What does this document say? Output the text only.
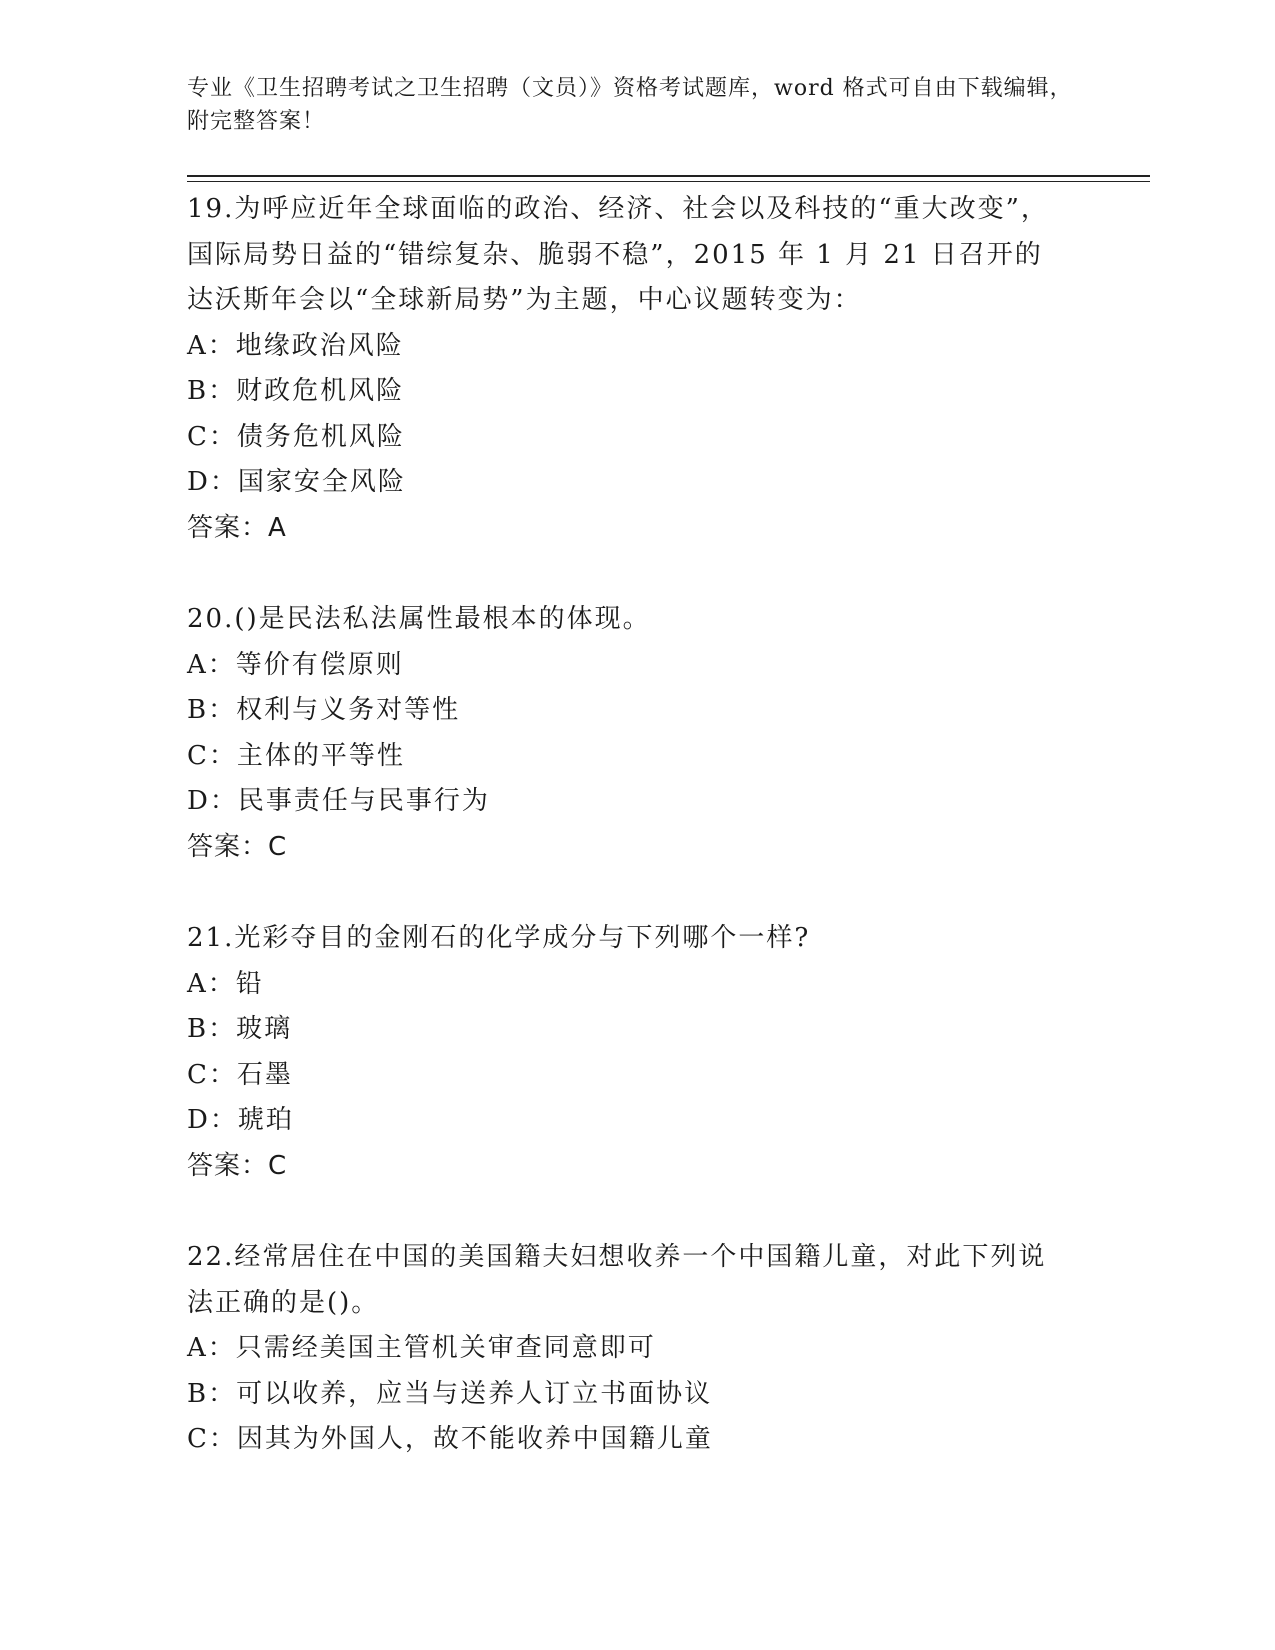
专业《卫生招聘考试之卫生招聘（文员）》资格考试题库，word 格式可自由下载编辑，附完整答案！
19.为呼应近年全球面临的政治、经济、社会以及科技的“重大改变”，国际局势日益的“错综复杂、脆弱不稳”，2015 年 1 月 21 日召开的达沃斯年会以“全球新局势”为主题，中心议题转变为：
A：地缘政治风险
B：财政危机风险
C：债务危机风险
D：国家安全风险
答案：A
20.()是民法私法属性最根本的体现。
A：等价有偿原则
B：权利与义务对等性
C：主体的平等性
D：民事责任与民事行为
答案：C
21.光彩夺目的金刚石的化学成分与下列哪个一样?
A：铅
B：玻璃
C：石墨
D：琥珀
答案：C
22.经常居住在中国的美国籍夫妇想收养一个中国籍儿童，对此下列说法正确的是()。
A：只需经美国主管机关审查同意即可
B：可以收养，应当与送养人订立书面协议
C：因其为外国人，故不能收养中国籍儿童
